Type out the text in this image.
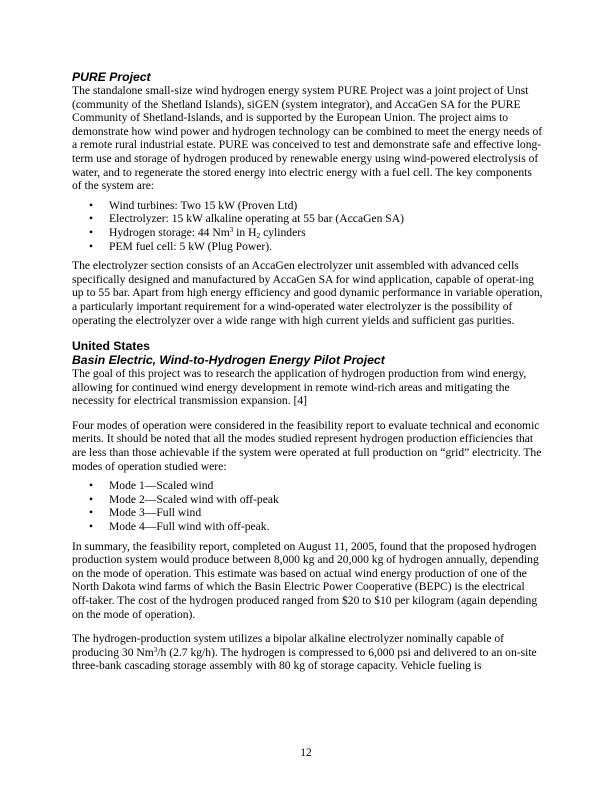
PURE Project

The standalone small-size wind hydrogen energy system PURE Project was a joint project of Unst (community of the Shetland Islands), siGEN (system integrator), and AccaGen SA for the PURE Community of Shetland-Islands, and is supported by the European Union. The project aims to demonstrate how wind power and hydrogen technology can be combined to meet the energy needs of a remote rural industrial estate. PURE was conceived to test and demonstrate safe and effective long-term use and storage of hydrogen produced by renewable energy using wind-powered electrolysis of water, and to regenerate the stored energy into electric energy with a fuel cell. The key components of the system are:

• Wind turbines: Two 15 kW (Proven Ltd)
• Electrolyzer: 15 kW alkaline operating at 55 bar (AccaGen SA)
• Hydrogen storage: 44 Nm$^3$ in $H_2$ cylinders
• PEM fuel cell: 5 kW (Plug Power).

The electrolyzer section consists of an AccaGen electrolyzer unit assembled with advanced cells specifically designed and manufactured by AccaGen SA for wind application, capable of operat-ing up to 55 bar. Apart from high energy efficiency and good dynamic performance in variable operation, a particularly important requirement for a wind-operated water electrolyzer is the possibility of operating the electrolyzer over a wide range with high current yields and sufficient gas purities.

United States
Basin Electric, Wind-to-Hydrogen Energy Pilot Project

The goal of this project was to research the application of hydrogen production from wind energy, allowing for continued wind energy development in remote wind-rich areas and mitigating the necessity for electrical transmission expansion. [4]

Four modes of operation were considered in the feasibility report to evaluate technical and economic merits. It should be noted that all the modes studied represent hydrogen production efficiencies that are less than those achievable if the system were operated at full production on “grid” electricity. The modes of operation studied were:

• Mode 1—Scaled wind
• Mode 2—Scaled wind with off-peak
• Mode 3—Full wind
• Mode 4—Full wind with off-peak.

In summary, the feasibility report, completed on August 11, 2005, found that the proposed hydrogen production system would produce between 8,000 kg and 20,000 kg of hydrogen annually, depending on the mode of operation. This estimate was based on actual wind energy production of one of the North Dakota wind farms of which the Basin Electric Power Cooperative (BEPC) is the electrical off-taker. The cost of the hydrogen produced ranged from $20 to $10 per kilogram (again depending on the mode of operation).

The hydrogen-production system utilizes a bipolar alkaline electrolyzer nominally capable of producing 30 Nm$^3$/h (2.7 kg/h). The hydrogen is compressed to 6,000 psi and delivered to an on-site three-bank cascading storage assembly with 80 kg of storage capacity. Vehicle fueling is

12
